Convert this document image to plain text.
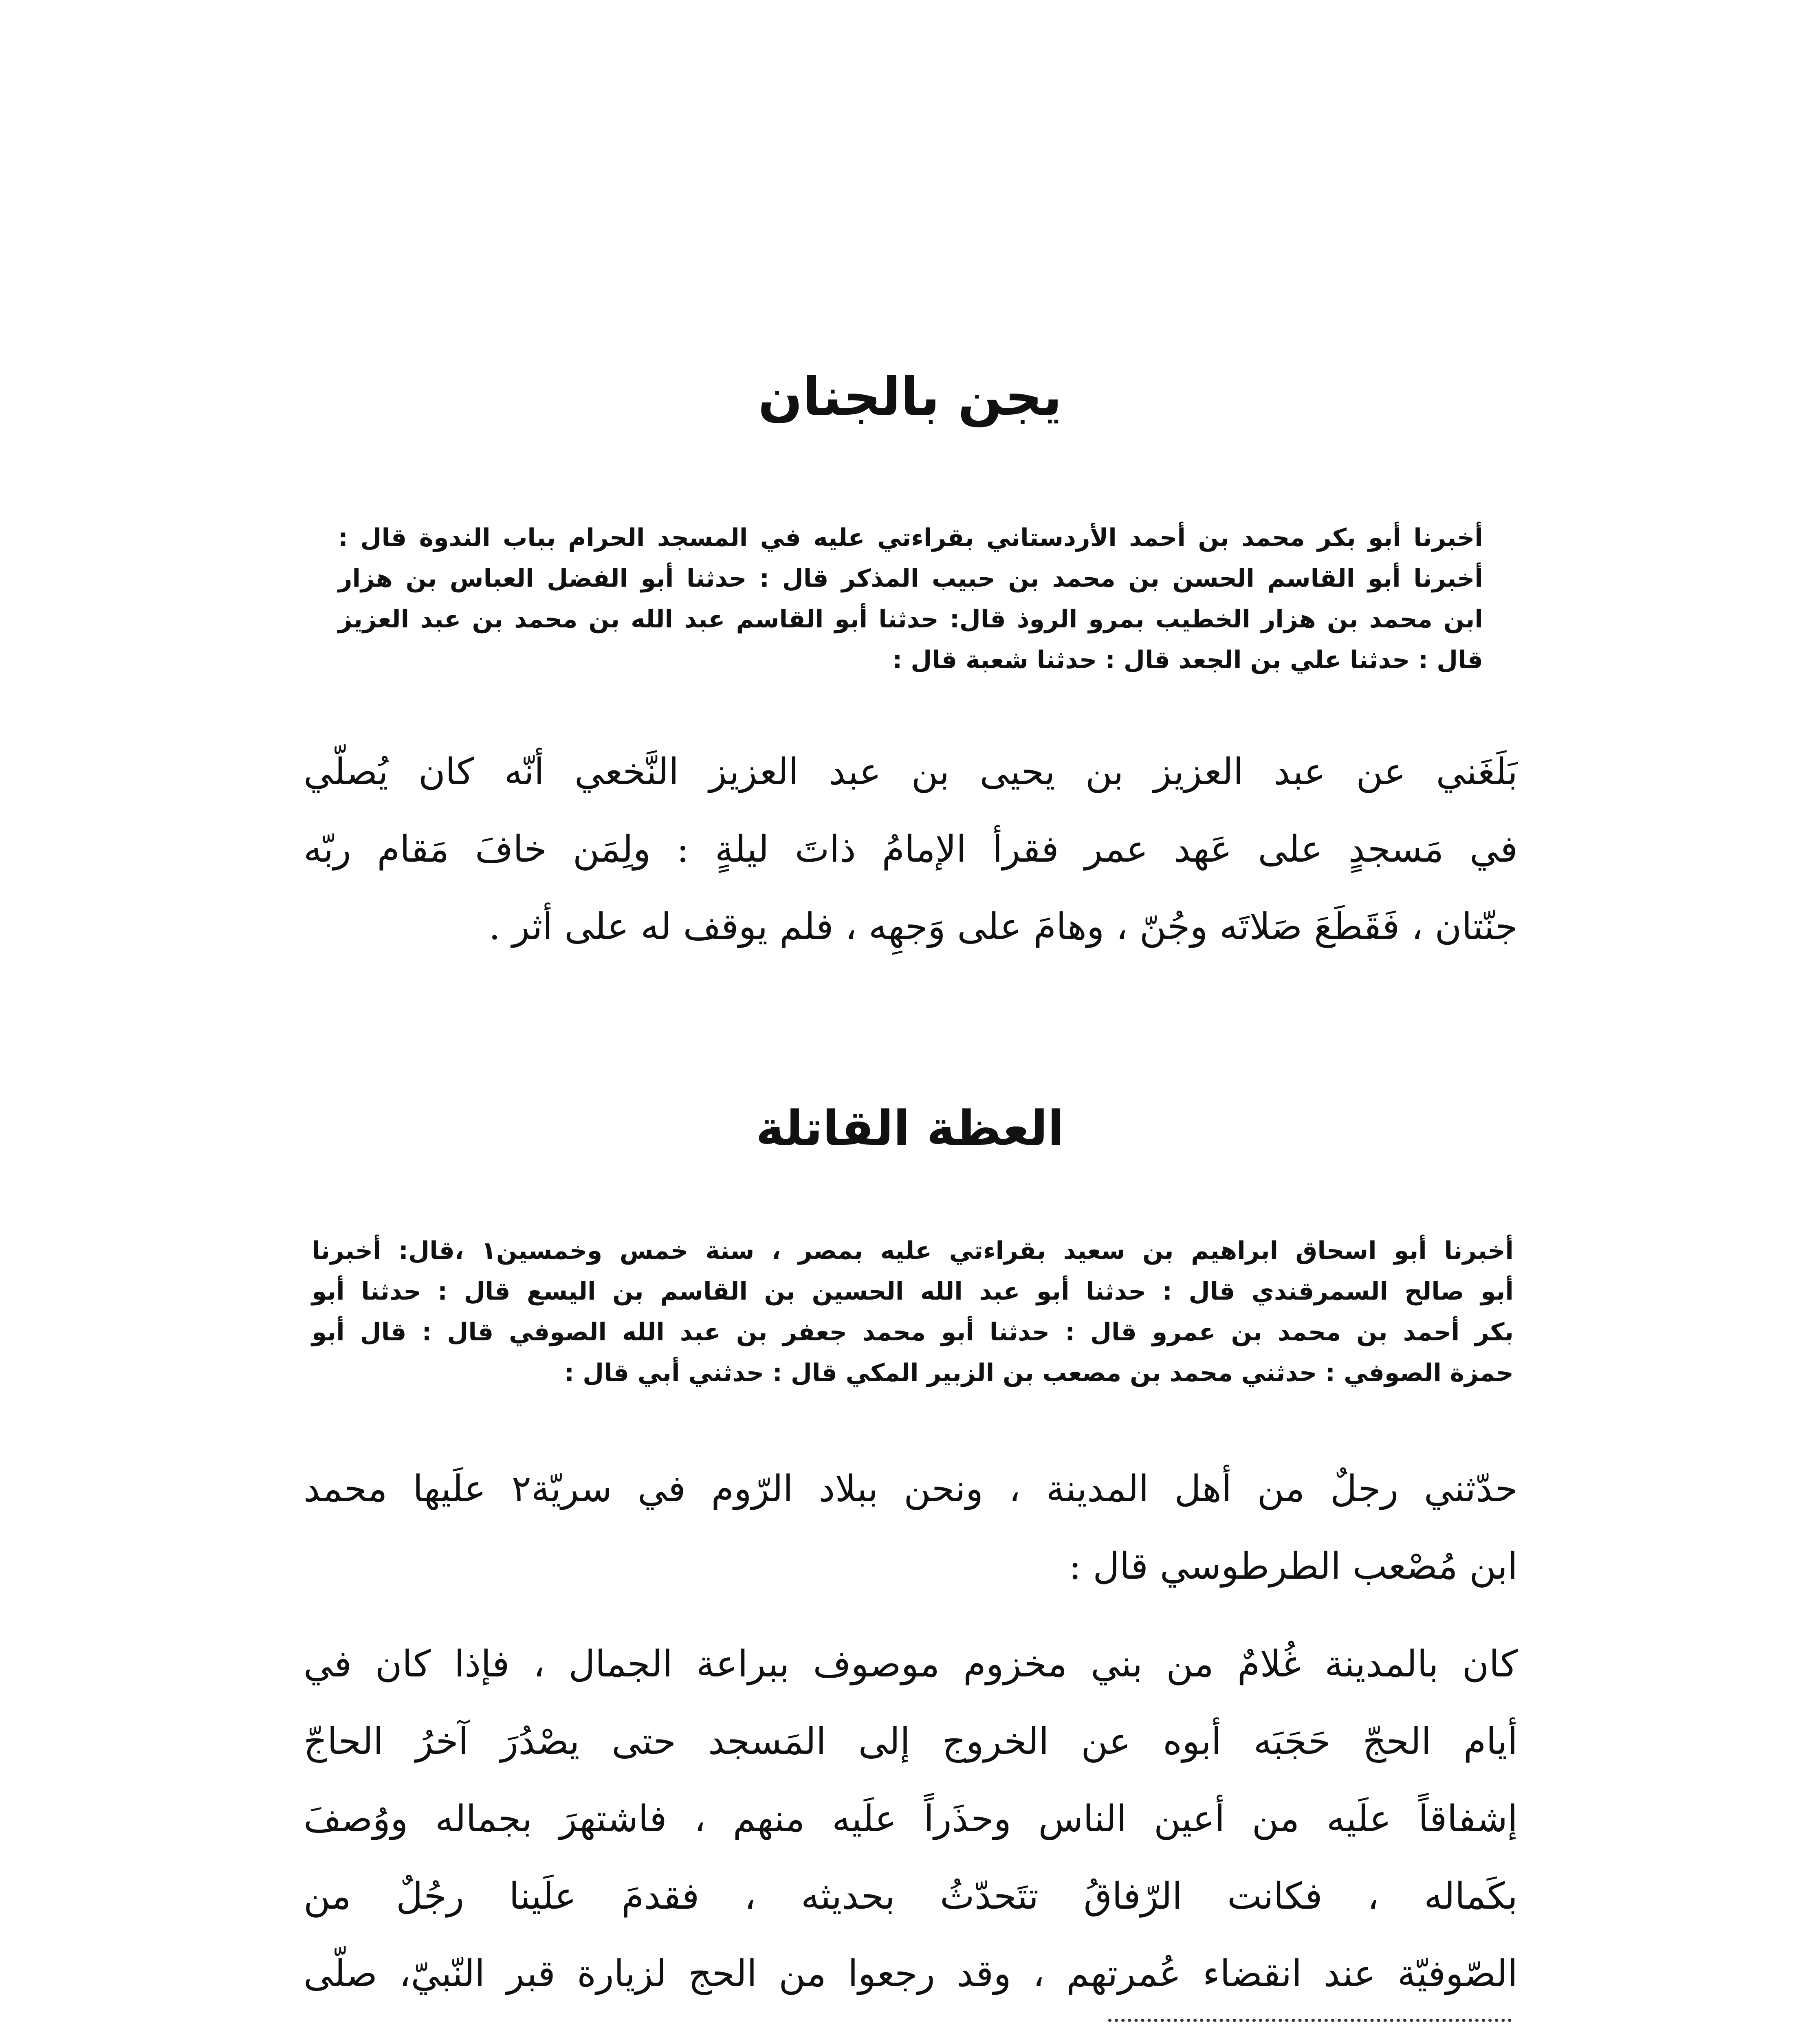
يجن بالجنان
أخبرنا أبو بكر محمد بن أحمد الأردستاني بقراءتي عليه في المسجد الحرام بباب الندوة قال :
أخبرنا أبو القاسم الحسن بن محمد بن حبيب المذكر قال : حدثنا أبو الفضل العباس بن هزار
ابن محمد بن هزار الخطيب بمرو الروذ قال: حدثنا أبو القاسم عبد الله بن محمد بن عبد العزيز
قال : حدثنا علي بن الجعد قال : حدثنا شعبة قال :
بَلَغَني عن عبد العزيز بن يحيى بن عبد العزيز النَّخعي أنّه كان يُصلّي
في مَسجدٍ على عَهد عمر فقرأ الإمامُ ذاتَ ليلةٍ : ولِمَن خافَ مَقام ربّه
جنّتان ، فَقَطَعَ صَلاتَه وجُنّ ، وهامَ على وَجهِه ، فلم يوقف له على أثر .
العظة القاتلة
أخبرنا أبو اسحاق ابراهيم بن سعيد بقراءتي عليه بمصر ، سنة خمس وخمسين١ ،قال: أخبرنا
أبو صالح السمرقندي قال : حدثنا أبو عبد الله الحسين بن القاسم بن اليسع قال : حدثنا أبو
بكر أحمد بن محمد بن عمرو قال : حدثنا أبو محمد جعفر بن عبد الله الصوفي قال : قال أبو
حمزة الصوفي : حدثني محمد بن مصعب بن الزبير المكي قال : حدثني أبي قال :
حدّثني رجلٌ من أهل المدينة ، ونحن ببلاد الرّوم في سريّة٢ علَيها محمد
ابن مُصْعب الطرطوسي قال :
كان بالمدينة غُلامٌ من بني مخزوم موصوف ببراعة الجمال ، فإذا كان في
أيام الحجّ حَجَبَه أبوه عن الخروج إلى المَسجد حتى يصْدُرَ آخرُ الحاجّ
إشفاقاً علَيه من أعين الناس وحذَراً علَيه منهم ، فاشتهرَ بجماله ووُصفَ
بكَماله ، فكانت الرّفاقُ تتَحدّثُ بحديثه ، فقدمَ علَينا رجُلٌ من
الصّوفيّة عند انقضاء عُمرتهم ، وقد رجعوا من الحج لزيارة قبر النّبيّ، صلّى
